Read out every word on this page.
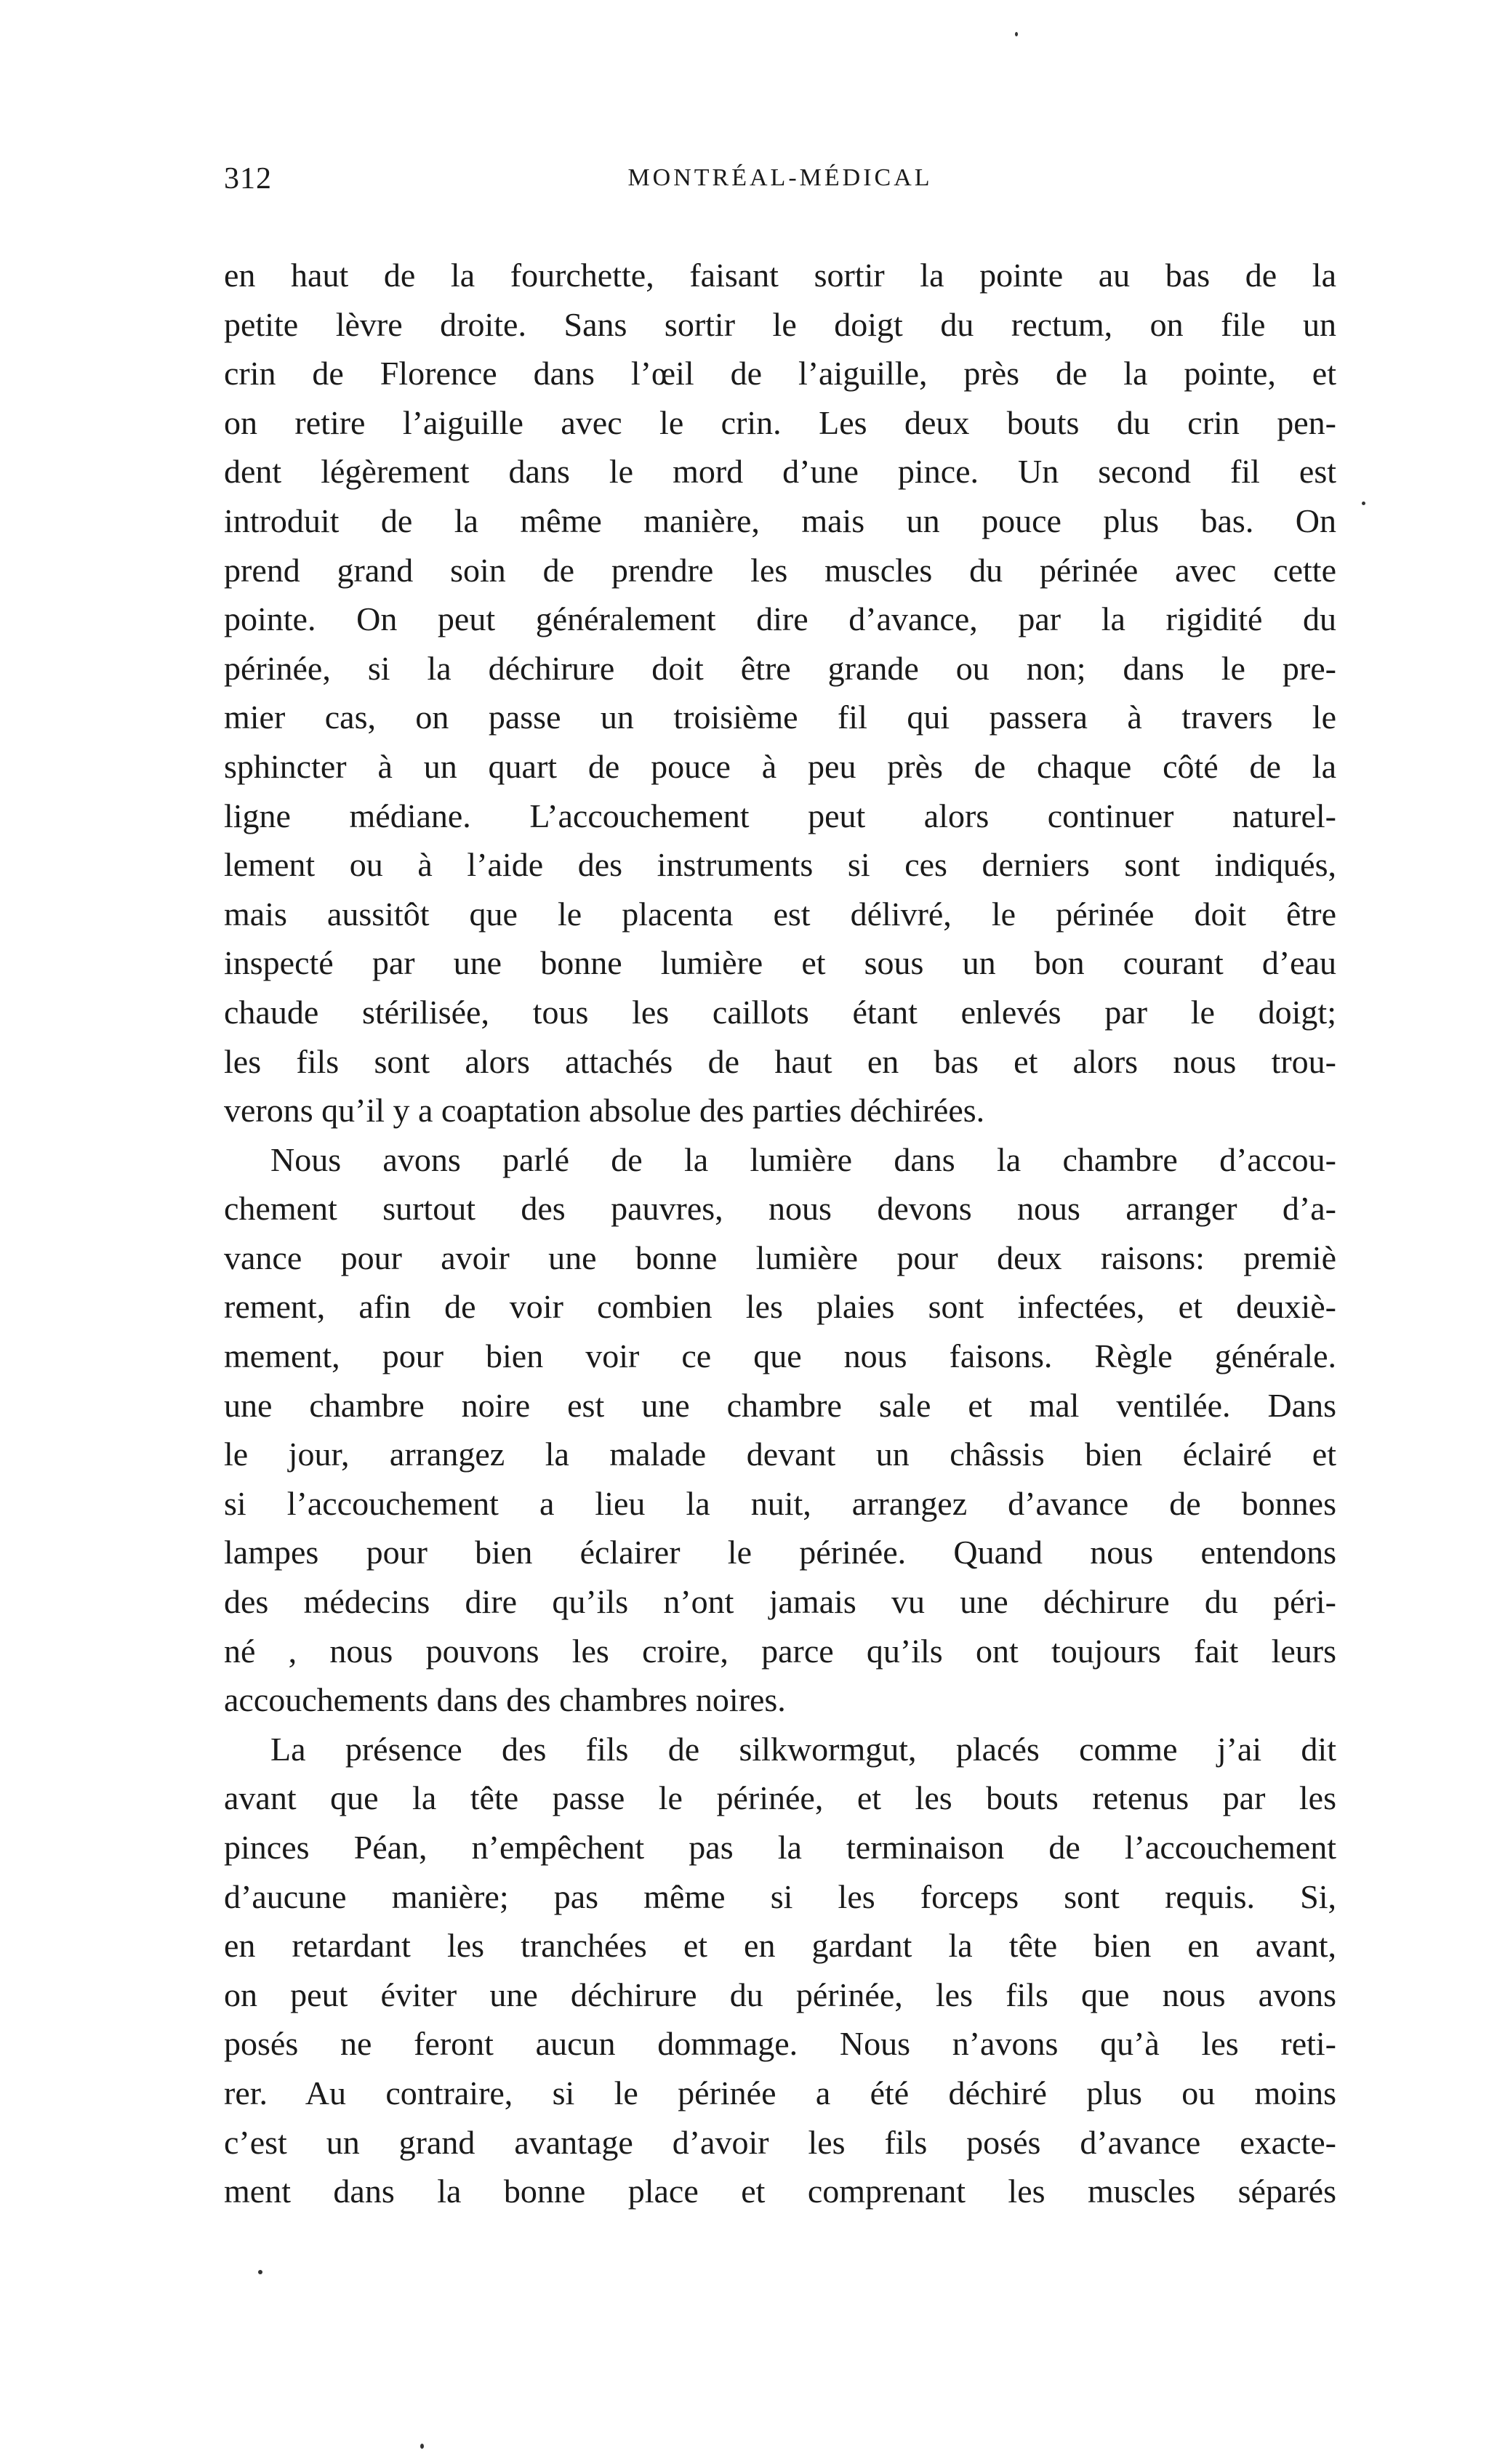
312	MONTRÉAL-MÉDICAL
en haut de la fourchette, faisant sortir la pointe au bas de la
petite lèvre droite. Sans sortir le doigt du rectum, on file un
crin de Florence dans l’œil de l’aiguille, près de la pointe, et
on retire l’aiguille avec le crin. Les deux bouts du crin pen-
dent légèrement dans le mord d’une pince. Un second fil est
introduit de la même manière, mais un pouce plus bas. On
prend grand soin de prendre les muscles du périnée avec cette
pointe. On peut généralement dire d’avance, par la rigidité du
périnée, si la déchirure doit être grande ou non; dans le pre-
mier cas, on passe un troisième fil qui passera à travers le
sphincter à un quart de pouce à peu près de chaque côté de la
ligne médiane. L’accouchement peut alors continuer naturel-
lement ou à l’aide des instruments si ces derniers sont indiqués,
mais aussitôt que le placenta est délivré, le périnée doit être
inspecté par une bonne lumière et sous un bon courant d’eau
chaude stérilisée, tous les caillots étant enlevés par le doigt;
les fils sont alors attachés de haut en bas et alors nous trou-
verons qu’il y a coaptation absolue des parties déchirées.
Nous avons parlé de la lumière dans la chambre d’accou-
chement surtout des pauvres, nous devons nous arranger d’a-
vance pour avoir une bonne lumière pour deux raisons: premiè
rement, afin de voir combien les plaies sont infectées, et deuxiè-
mement, pour bien voir ce que nous faisons. Règle générale.
une chambre noire est une chambre sale et mal ventilée. Dans
le jour, arrangez la malade devant un châssis bien éclairé et
si l’accouchement a lieu la nuit, arrangez d’avance de bonnes
lampes pour bien éclairer le périnée. Quand nous entendons
des médecins dire qu’ils n’ont jamais vu une déchirure du péri-
né , nous pouvons les croire, parce qu’ils ont toujours fait leurs
accouchements dans des chambres noires.
La présence des fils de silkwormgut, placés comme j’ai dit
avant que la tête passe le périnée, et les bouts retenus par les
pinces Péan, n’empêchent pas la terminaison de l’accouchement
d’aucune manière; pas même si les forceps sont requis. Si,
en retardant les tranchées et en gardant la tête bien en avant,
on peut éviter une déchirure du périnée, les fils que nous avons
posés ne feront aucun dommage. Nous n’avons qu’à les reti-
rer. Au contraire, si le périnée a été déchiré plus ou moins
c’est un grand avantage d’avoir les fils posés d’avance exacte-
ment dans la bonne place et comprenant les muscles séparés
